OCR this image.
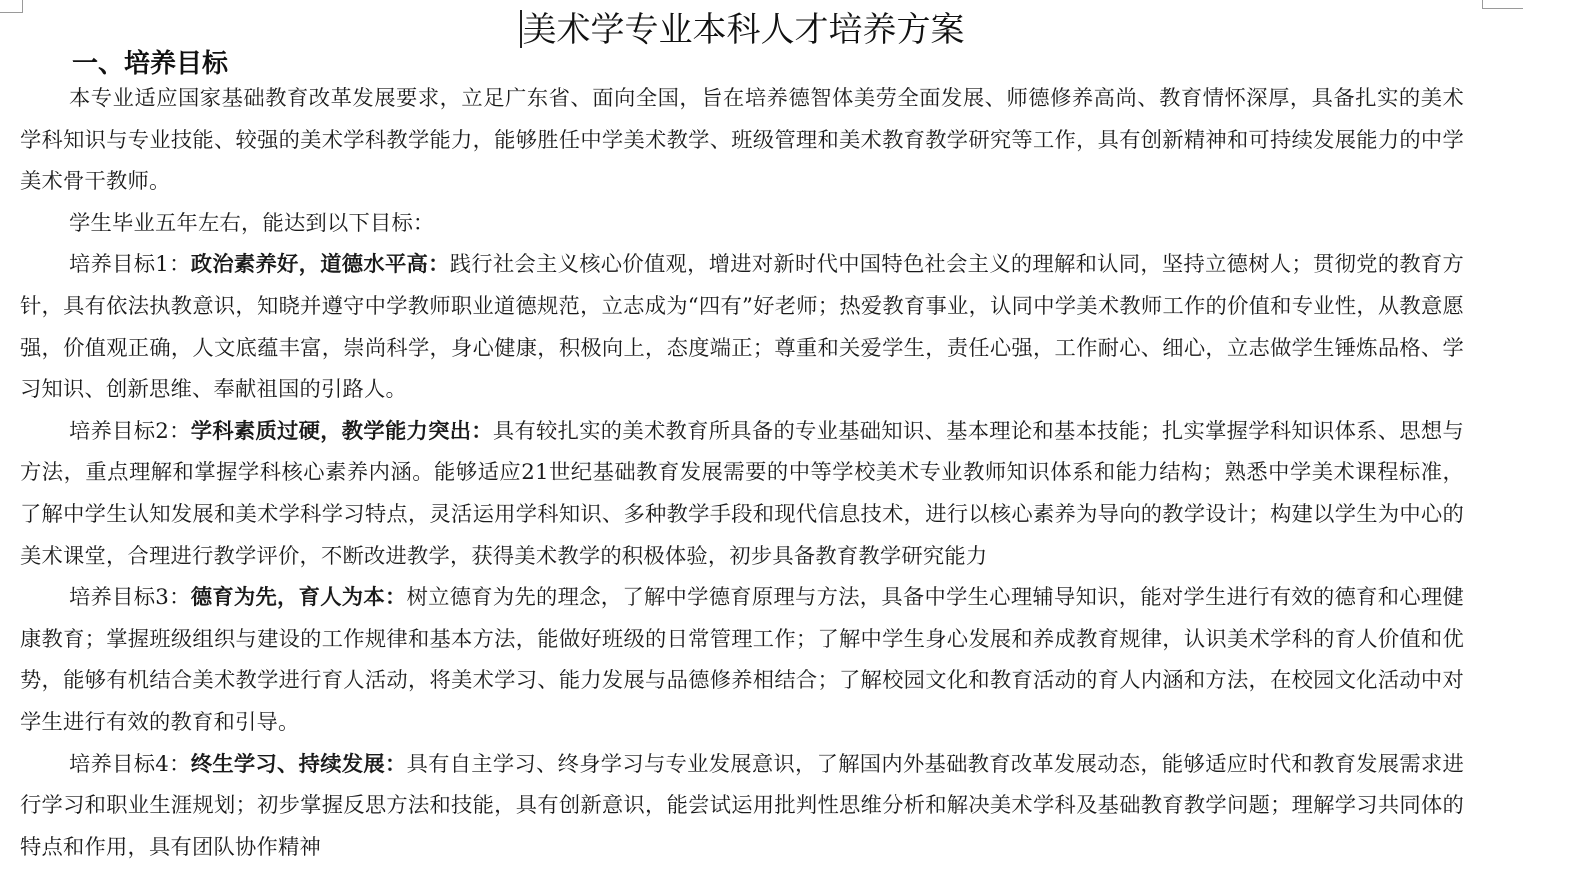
美术学专业本科人才培养方案
一、培养目标

本专业适应国家基础教育改革发展要求，立足广东省、面向全国，旨在培养德智体美劳全面发展、师德修养高尚、教育情怀深厚，具备扎实的美术学科知识与专业技能、较强的美术学科教学能力，能够胜任中学美术教学、班级管理和美术教育教学研究等工作，具有创新精神和可持续发展能力的中学美术骨干教师。

学生毕业五年左右，能达到以下目标：

培养目标1：政治素养好，道德水平高：践行社会主义核心价值观，增进对新时代中国特色社会主义的理解和认同，坚持立德树人；贯彻党的教育方针，具有依法执教意识，知晓并遵守中学教师职业道德规范，立志成为“四有”好老师；热爱教育事业，认同中学美术教师工作的价值和专业性，从教意愿强，价值观正确，人文底蕴丰富，崇尚科学，身心健康，积极向上，态度端正；尊重和关爱学生，责任心强，工作耐心、细心，立志做学生锤炼品格、学习知识、创新思维、奉献祖国的引路人。

培养目标2：学科素质过硬，教学能力突出：具有较扎实的美术教育所具备的专业基础知识、基本理论和基本技能；扎实掌握学科知识体系、思想与方法，重点理解和掌握学科核心素养内涵。能够适应21世纪基础教育发展需要的中等学校美术专业教师知识体系和能力结构；熟悉中学美术课程标准，了解中学生认知发展和美术学科学习特点，灵活运用学科知识、多种教学手段和现代信息技术，进行以核心素养为导向的教学设计；构建以学生为中心的美术课堂，合理进行教学评价，不断改进教学，获得美术教学的积极体验，初步具备教育教学研究能力

培养目标3：德育为先，育人为本：树立德育为先的理念，了解中学德育原理与方法，具备中学生心理辅导知识，能对学生进行有效的德育和心理健康教育；掌握班级组织与建设的工作规律和基本方法，能做好班级的日常管理工作；了解中学生身心发展和养成教育规律，认识美术学科的育人价值和优势，能够有机结合美术教学进行育人活动，将美术学习、能力发展与品德修养相结合；了解校园文化和教育活动的育人内涵和方法，在校园文化活动中对学生进行有效的教育和引导。

培养目标4：终生学习、持续发展：具有自主学习、终身学习与专业发展意识，了解国内外基础教育改革发展动态，能够适应时代和教育发展需求进行学习和职业生涯规划；初步掌握反思方法和技能，具有创新意识，能尝试运用批判性思维分析和解决美术学科及基础教育教学问题；理解学习共同体的特点和作用，具有团队协作精神
